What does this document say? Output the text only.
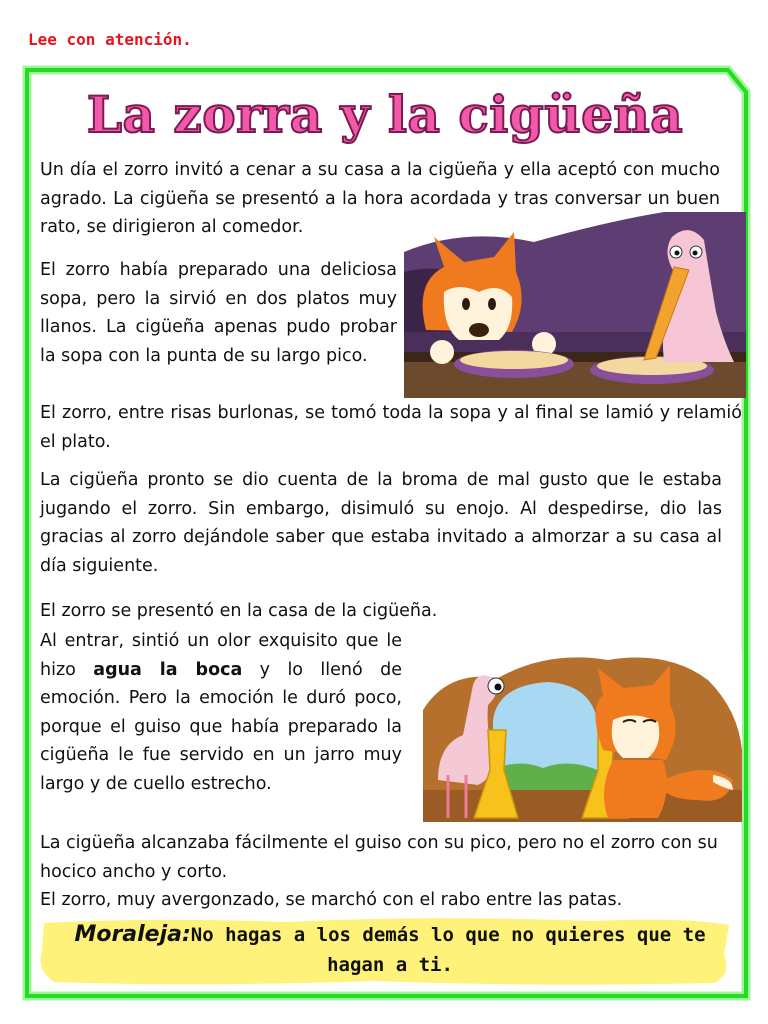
Lee con atención.
La zorra y la cigüeña

Un día el zorro invitó a cenar a su casa a la cigüeña y ella aceptó con mucho agrado. La cigüeña se presentó a la hora acordada y tras conversar un buen rato, se dirigieron al comedor.

El zorro había preparado una deliciosa sopa, pero la sirvió en dos platos muy llanos. La cigüeña apenas pudo probar la sopa con la punta de su largo pico.

El zorro, entre risas burlonas, se tomó toda la sopa y al final se lamió y relamió el plato.

La cigüeña pronto se dio cuenta de la broma de mal gusto que le estaba jugando el zorro. Sin embargo, disimuló su enojo. Al despedirse, dio las gracias al zorro dejándole saber que estaba invitado a almorzar a su casa al día siguiente.

El zorro se presentó en la casa de la cigüeña.

Al entrar, sintió un olor exquisito que le hizo agua la boca y lo llenó de emoción. Pero la emoción le duró poco, porque el guiso que había preparado la cigüeña le fue servido en un jarro muy largo y de cuello estrecho.

La cigüeña alcanzaba fácilmente el guiso con su pico, pero no el zorro con su hocico ancho y corto.

El zorro, muy avergonzado, se marchó con el rabo entre las patas.

Moraleja:No hagas a los demás lo que no quieres que te hagan a ti.
